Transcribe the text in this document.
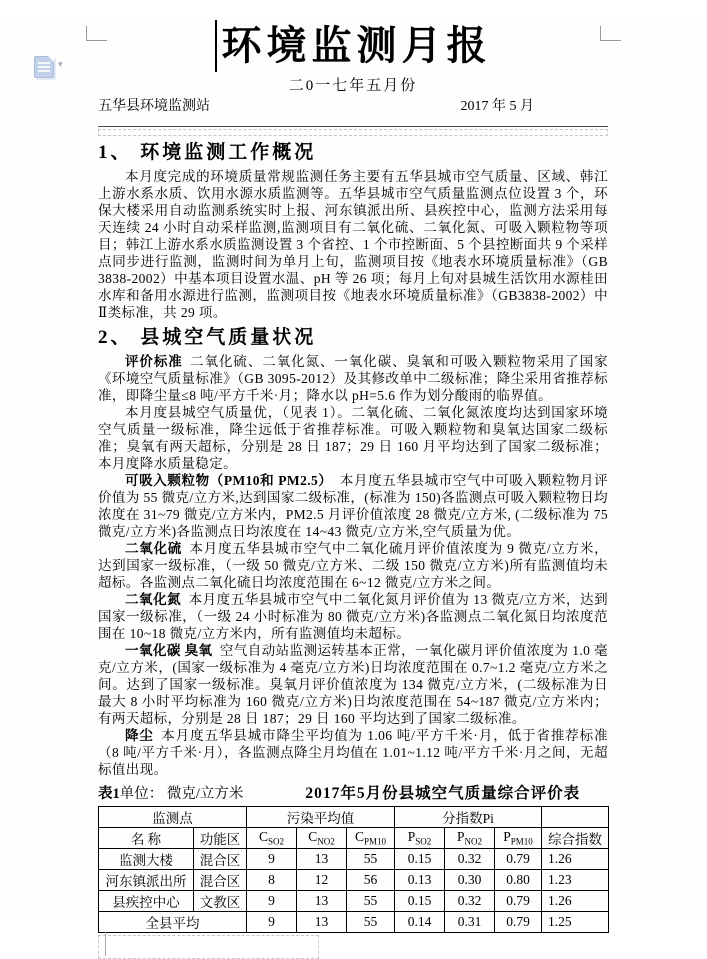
▾	环境监测月报
二0一七年五月份
五华县环境监测站	2017 年 5 月
1、 环境监测工作概况

本月度完成的环境质量常规监测任务主要有五华县城市空气质量、区域、韩江上游水系水质、饮用水源水质监测等。五华县城市空气质量监测点位设置 3 个，环保大楼采用自动监测系统实时上报、河东镇派出所、县疾控中心，监测方法采用每天连续 24 小时自动采样监测,监测项目有二氧化硫、二氧化氮、可吸入颗粒物等项目；韩江上游水系水质监测设置 3 个省控、1 个市控断面、5 个县控断面共 9 个采样点同步进行监测，监测时间为单月上旬，监测项目按《地表水环境质量标准》（GB 3838-2002）中基本项目设置水温、pH 等 26 项；每月上旬对县城生活饮用水源桂田水库和备用水源进行监测，监测项目按《地表水环境质量标准》（GB3838-2002）中Ⅱ类标准，共 29 项。

2、 县城空气质量状况

评价标准 二氧化硫、二氧化氮、一氧化碳、臭氧和可吸入颗粒物采用了国家《环境空气质量标准》（GB 3095-2012）及其修改单中二级标准；降尘采用省推荐标准，即降尘量≤8 吨/平方千米·月；降水以 pH=5.6 作为划分酸雨的临界值。

本月度县城空气质量优，（见表 1）。二氧化硫、二氧化氮浓度均达到国家环境空气质量一级标准，降尘远低于省推荐标准。可吸入颗粒物和臭氧达国家二级标准；臭氧有两天超标，分别是 28 日 187；29 日 160 月平均达到了国家二级标准；本月度降水质量稳定。

可吸入颗粒物（PM10和 PM2.5） 本月度五华县城市空气中可吸入颗粒物月评价值为 55 微克/立方米,达到国家二级标准，(标准为 150)各监测点可吸入颗粒物日均浓度在 31~79 微克/立方米内，PM2.5 月评价值浓度 28 微克/立方米, (二级标准为 75 微克/立方米)各监测点日均浓度在 14~43 微克/立方米,空气质量为优。

二氧化硫 本月度五华县城市空气中二氧化硫月评价值浓度为 9 微克/立方米，达到国家一级标准，（一级 50 微克/立方米、二级 150 微克/立方米)所有监测值均未超标。各监测点二氧化硫日均浓度范围在 6~12 微克/立方米之间。

二氧化氮 本月度五华县城市空气中二氧化氮月评价值为 13 微克/立方米，达到国家一级标准，（一级 24 小时标准为 80 微克/立方米)各监测点二氧化氮日均浓度范围在 10~18 微克/立方米内，所有监测值均未超标。

一氧化碳 臭氧 空气自动站监测运转基本正常，一氧化碳月评价值浓度为 1.0 毫克/立方米，(国家一级标准为 4 毫克/立方米)日均浓度范围在 0.7~1.2 毫克/立方米之间。达到了国家一级标准。臭氧月评价值浓度为 134 微克/立方米，(二级标准为日最大 8 小时平均标准为 160 微克/立方米)日均浓度范围在 54~187 微克/立方米内；有两天超标，分别是 28 日 187；29 日 160 平均达到了国家二级标准。

降尘 本月度五华县城市降尘平均值为 1.06 吨/平方千米·月，低于省推荐标准（8 吨/平方千米·月），各监测点降尘月均值在 1.01~1.12 吨/平方千米·月之间，无超标值出现。

表1单位： 微克/立方米	2017年5月份县城空气质量综合评价表
监测点		污染平均值			分指数Pi			
名 称	功能区	$C_{SO2}$	$C_{NO2}$	$C_{PM10}$	$P_{SO2}$	$P_{NO2}$	$P_{PM10}$	综合指数
监测大楼	混合区	9	13	55	0.15	0.32	0.79	1.26
河东镇派出所	混合区	8	12	56	0.13	0.30	0.80	1.23
县疾控中心	文教区	9	13	55	0.15	0.32	0.79	1.26
全县平均		9	13	55	0.14	0.31	0.79	1.25
